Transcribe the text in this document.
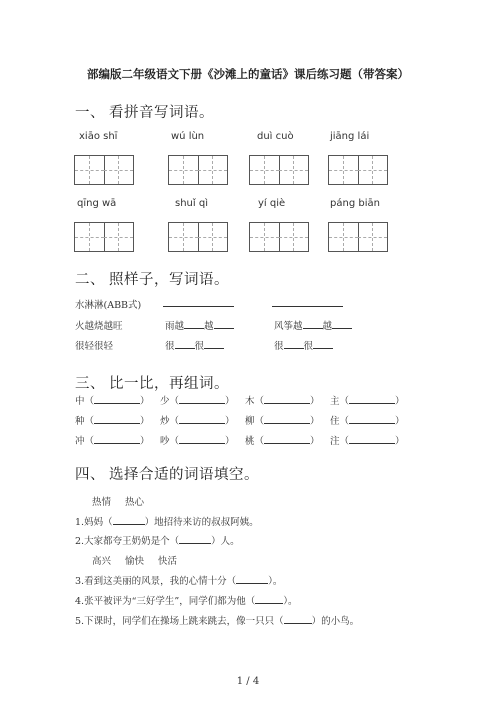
部编版二年级语文下册《沙滩上的童话》课后练习题（带答案）
一、 看拼音写词语。
xiāo shī	wú lùn	duì cuò	jiāng lái
qīng wā	shuǐ qì	yí qiè	páng biān
二、 照样子，写词语。
水淋淋(ABB式)
火越烧越旺	雨越 越	风筝越 越
很轻很轻	很 很	很 很
三、 比一比，再组词。
中（	） 少（	） 木（	） 主（	）
种（	） 炒（	） 柳（	） 住（	）
冲（	） 吵（	） 桃（	） 注（	）
四、 选择合适的词语填空。
热情 热心
1.妈妈（	）地招待来访的叔叔阿姨。
2.大家都夸王奶奶是个（	）人。
高兴 愉快 快活
3.看到这美丽的风景，我的心情十分（	）。
4.张平被评为“三好学生”，同学们都为他（	）。
5.下课时，同学们在操场上跳来跳去，像一只只（	）的小鸟。
1 / 4
